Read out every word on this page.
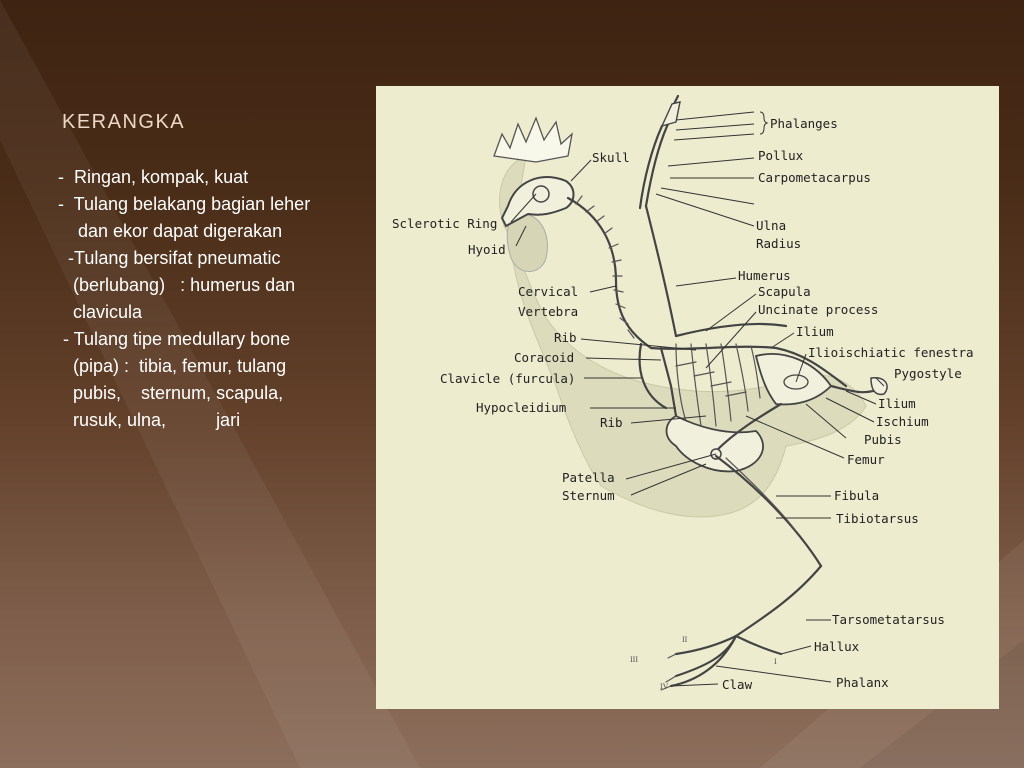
KERANGKA
-  Ringan, kompak, kuat
-  Tulang belakang bagian leher
dan ekor dapat digerakan
-Tulang bersifat pneumatic
(berlubang)   : humerus dan
clavicula
- Tulang tipe medullary bone
(pipa) :  tibia, femur, tulang
pubis,    sternum, scapula,
rusuk, ulna,          jari
Phalanges
Skull	Pollux
Carpometacarpus
Sclerotic Ring
Hyoid
Ulna
Radius
Humerus
Cervical
Vertebra
Scapula
Uncinate process
Ilium
Rib
Coracoid	Ilioischiatic fenestra
Clavicle (furcula)	Pygostyle
Ilium
Hypocleidium
Ischium
Rib
Pubis
Femur
Patella
Sternum	Fibula
Tibiotarsus
Tarsometatarsus
Hallux
Claw	Phalanx
II
I
III
IV
